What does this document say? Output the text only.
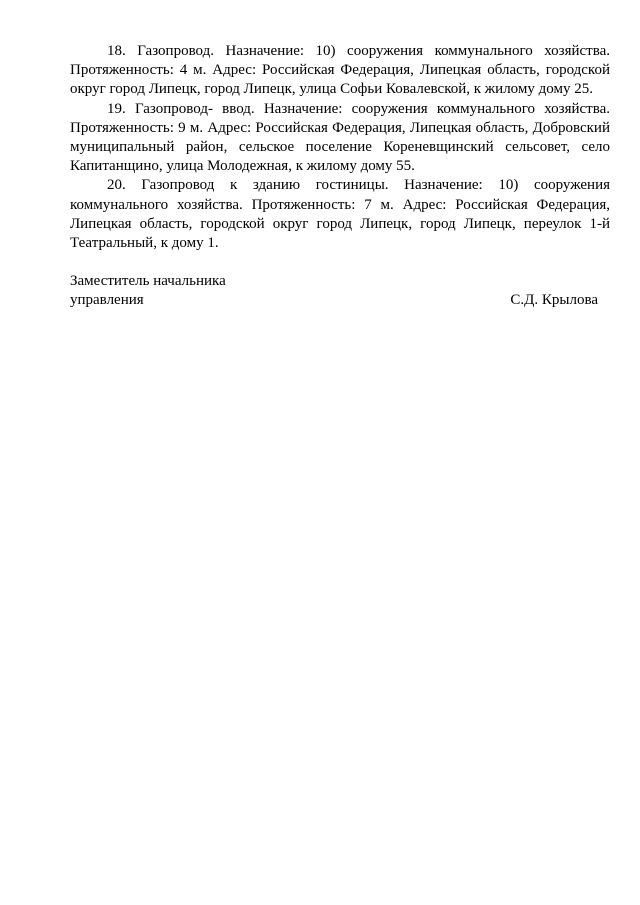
18. Газопровод. Назначение: 10) сооружения коммунального хозяйства. Протяженность: 4 м. Адрес: Российская Федерация, Липецкая область, городской округ город Липецк, город Липецк, улица Софьи Ковалевской, к жилому дому 25.

19. Газопровод- ввод. Назначение: сооружения коммунального хозяйства. Протяженность: 9 м. Адрес: Российская Федерация, Липецкая область, Добровский муниципальный район, сельское поселение Кореневщинский сельсовет, село Капитанщино, улица Молодежная, к жилому дому 55.

20. Газопровод к зданию гостиницы. Назначение: 10) сооружения коммунального хозяйства. Протяженность: 7 м. Адрес: Российская Федерация, Липецкая область, городской округ город Липецк, город Липецк, переулок 1-й Театральный, к дому 1.

Заместитель начальника
управления	С.Д. Крылова
